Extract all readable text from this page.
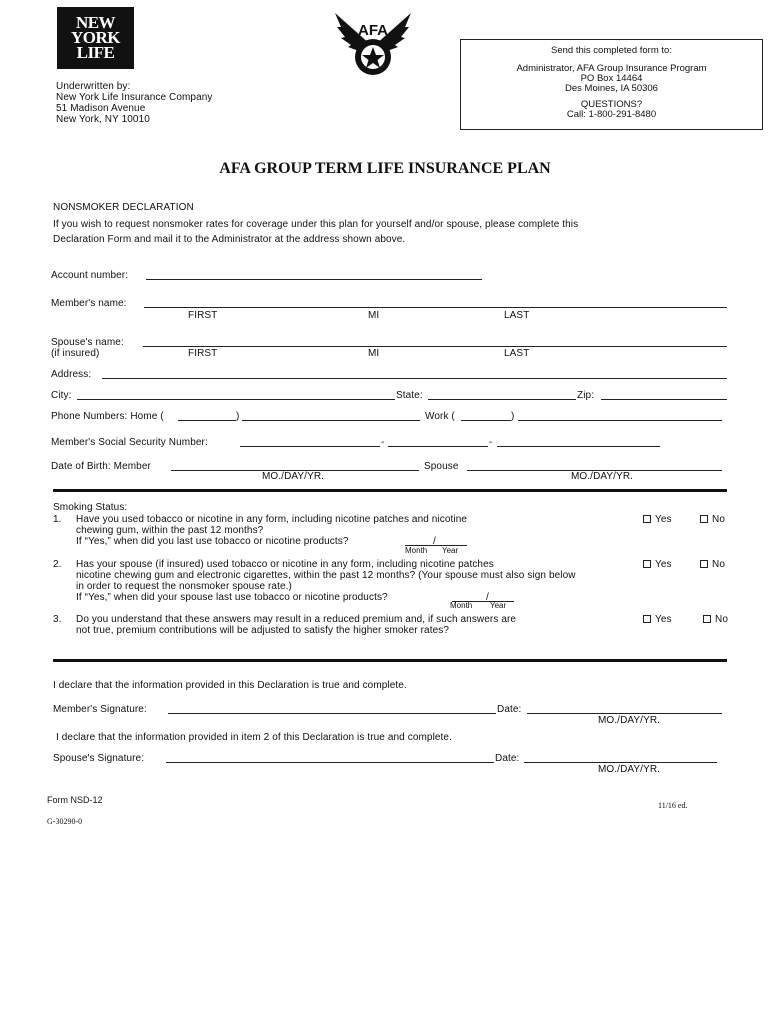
NEW
YORK
LIFE
AFA
Underwritten by:
New York Life Insurance Company
51 Madison Avenue
New York, NY 10010
Send this completed form to:
Administrator, AFA Group Insurance Program
PO Box 14464
Des Moines, IA 50306
QUESTIONS?
Call: 1-800-291-8480
AFA GROUP TERM LIFE INSURANCE PLAN
NONSMOKER DECLARATION
If you wish to request nonsmoker rates for coverage under this plan for yourself and/or spouse, please complete this
Declaration Form and mail it to the Administrator at the address shown above.
Account number:
Member's name:
FIRST	MI	LAST
Spouse's name:
(if insured)	FIRST	MI	LAST
Address:
City:	State:	Zip:
Phone Numbers: Home (	)	Work (	)
Member's Social Security Number:	-	-
Date of Birth: Member	Spouse
MO./DAY/YR.	MO./DAY/YR.
Smoking Status:
1. Have you used tobacco or nicotine in any form, including nicotine patches and nicotine
chewing gum, within the past 12 months?
If “Yes,” when did you last use tobacco or nicotine products?	/
Month Year
Yes	No
2. Has your spouse (if insured) used tobacco or nicotine in any form, including nicotine patches
nicotine chewing gum and electronic cigarettes, within the past 12 months? (Your spouse must also sign below
in order to request the nonsmoker spouse rate.)
If “Yes,” when did your spouse last use tobacco or nicotine products?	/
Month Year
Yes	No
3. Do you understand that these answers may result in a reduced premium and, if such answers are
not true, premium contributions will be adjusted to satisfy the higher smoker rates?
Yes	No
I declare that the information provided in this Declaration is true and complete.
Member's Signature:	Date:
MO./DAY/YR.
I declare that the information provided in item 2 of this Declaration is true and complete.
Spouse's Signature:	Date:
MO./DAY/YR.
Form NSD-12
11/16 ed.
G-30290-0
